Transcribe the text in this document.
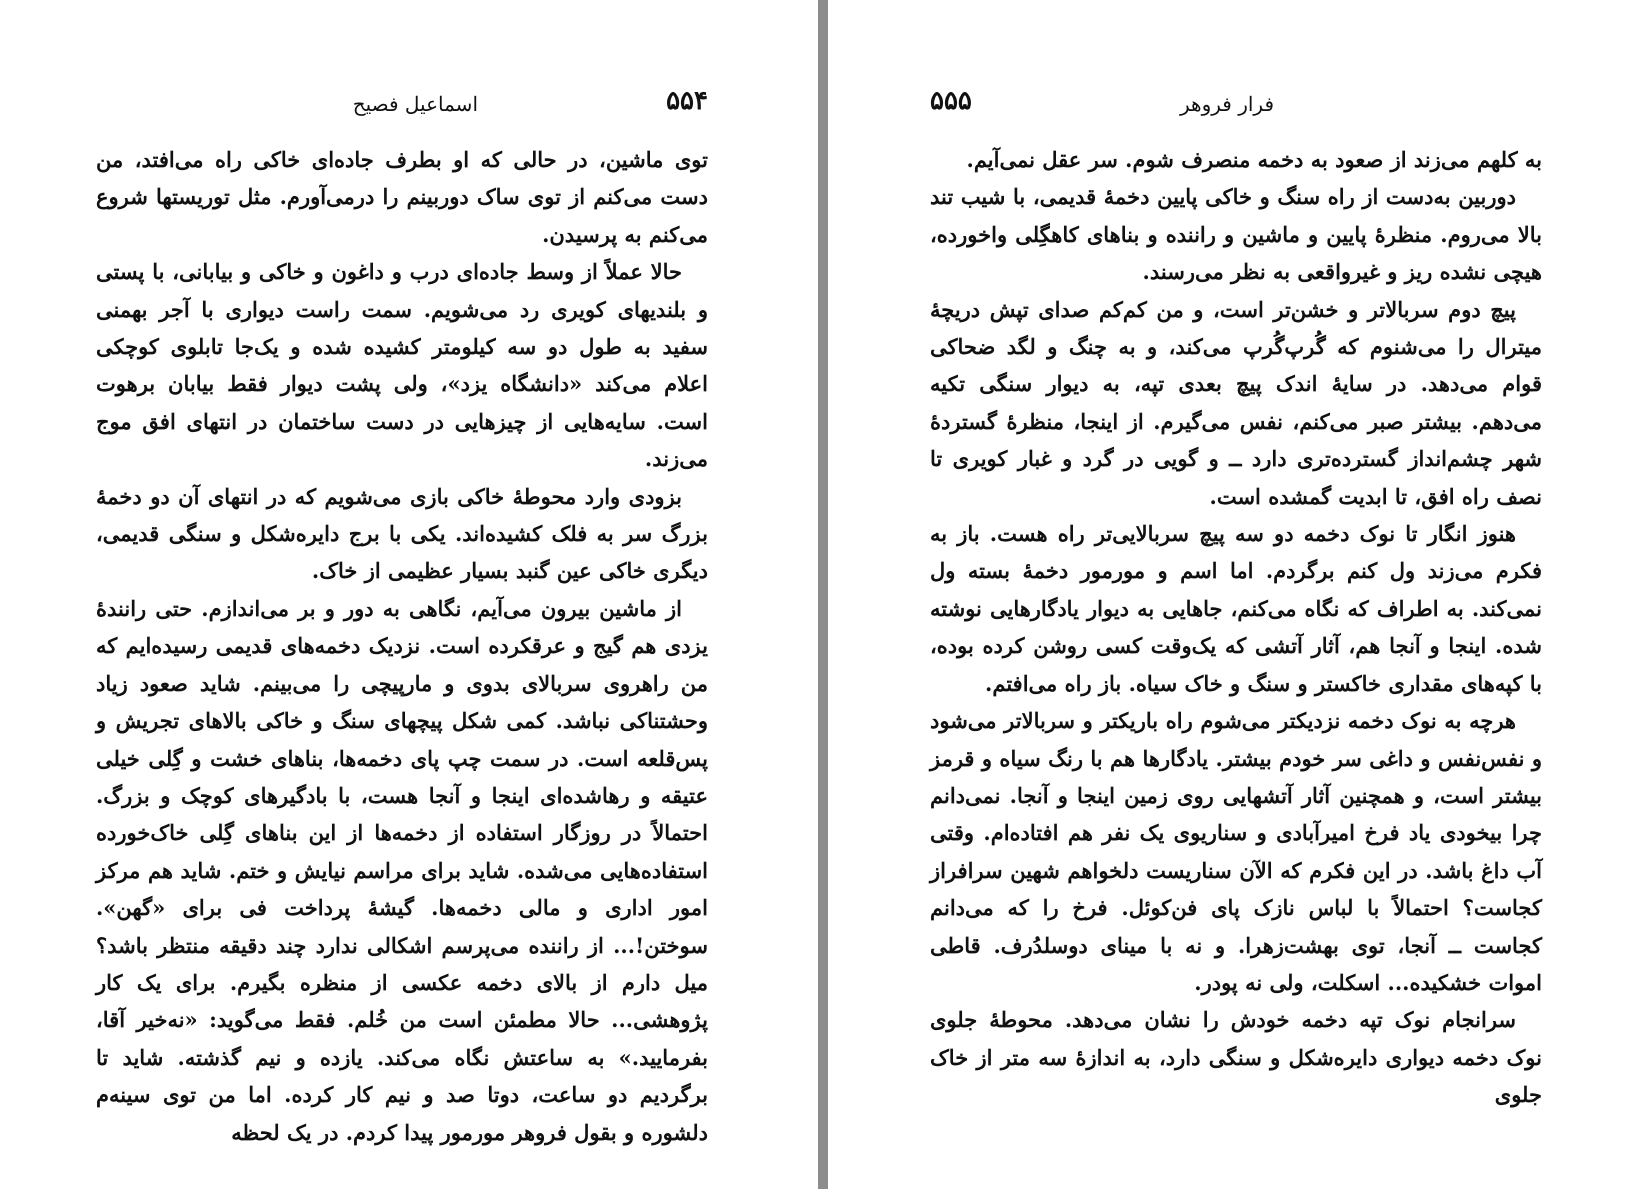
۵۵۴
اسماعیل فصیح

توی ماشین، در حالی که او بطرف جاده‌ای خاکی راه می‌افتد، من دست می‌کنم از توی ساک دوربینم را درمی‌آورم. مثل توریستها شروع می‌کنم به پرسیدن.

حالا عملاً از وسط جاده‌ای درب و داغون و خاکی و بیابانی، با پستی و بلندیهای کویری رد می‌شویم. سمت راست دیواری با آجر بهمنی سفید به طول دو سه کیلومتر کشیده شده و یک‌جا تابلوی کوچکی اعلام می‌کند «دانشگاه یزد»، ولی پشت دیوار فقط بیابان برهوت است. سایه‌هایی از چیزهایی در دست ساختمان در انتهای افق موج می‌زند.

بزودی وارد محوطهٔ خاکی بازی می‌شویم که در انتهای آن دو دخمهٔ بزرگ سر به فلک کشیده‌اند. یکی با برج دایره‌شکل و سنگی قدیمی، دیگری خاکی عین گنبد بسیار عظیمی از خاک.

از ماشین بیرون می‌آیم، نگاهی به دور و بر می‌اندازم. حتی رانندهٔ یزدی هم گیج و عرقکرده است. نزدیک دخمه‌های قدیمی رسیده‌ایم که من راهروی سربالای بدوی و مارپیچی را می‌بینم. شاید صعود زیاد وحشتناکی نباشد. کمی شکل پیچهای سنگ و خاکی بالاهای تجریش و پس‌قلعه است. در سمت چپ پای دخمه‌ها، بناهای خشت و گِلی خیلی عتیقه و رهاشده‌ای اینجا و آنجا هست، با بادگیرهای کوچک و بزرگ. احتمالاً در روزگار استفاده از دخمه‌ها از این بناهای گِلی خاک‌خورده استفاده‌هایی می‌شده. شاید برای مراسم نیایش و ختم. شاید هم مرکز امور اداری و مالی دخمه‌ها. گیشهٔ پرداخت فی برای «گهن». سوختن!... از راننده می‌پرسم اشکالی ندارد چند دقیقه منتظر باشد؟ میل دارم از بالای دخمه عکسی از منظره بگیرم. برای یک کار پژوهشی... حالا مطمئن است من خُلم. فقط می‌گوید: «نه‌خیر آقا، بفرمایید.» به ساعتش نگاه می‌کند. یازده و نیم گذشته. شاید تا برگردیم دو ساعت، دوتا صد و نیم کار کرده. اما من توی سینه‌م دلشوره و بقول فروهر مورمور پیدا کردم. در یک لحظه

۵۵۵	فرار فروهر

به کلهم می‌زند از صعود به دخمه منصرف شوم. سر عقل نمی‌آیم.

دوربین به‌دست از راه سنگ و خاکی پایین دخمهٔ قدیمی، با شیب تند بالا می‌روم. منظرهٔ پایین و ماشین و راننده و بناهای کاهگِلی واخورده، هیچی نشده ریز و غیرواقعی به نظر می‌رسند.

پیچ دوم سربالاتر و خشن‌تر است، و من کم‌کم صدای تپش دریچهٔ میترال را می‌شنوم که گُرپ‌گُرپ می‌کند، و به چنگ و لگد ضحاکی قوام می‌دهد. در سایهٔ اندک پیچ بعدی تپه، به دیوار سنگی تکیه می‌دهم. بیشتر صبر می‌کنم، نفس می‌گیرم. از اینجا، منظرهٔ گستردهٔ شهر چشم‌انداز گسترده‌تری دارد ــ و گویی در گرد و غبار کویری تا نصف راه افق، تا ابدیت گمشده است.

هنوز انگار تا نوک دخمه دو سه پیچ سربالایی‌تر راه هست. باز به فکرم می‌زند ول کنم برگردم. اما اسم و مورمور دخمهٔ بسته ول نمی‌کند. به اطراف که نگاه می‌کنم، جاهایی به دیوار یادگارهایی نوشته شده. اینجا و آنجا هم، آثار آتشی که یک‌وقت کسی روشن کرده بوده، با کپه‌های مقداری خاکستر و سنگ و خاک سیاه. باز راه می‌افتم.

هرچه به نوک دخمه نزدیکتر می‌شوم راه باریکتر و سربالاتر می‌شود و نفس‌نفس و داغی سر خودم بیشتر. یادگارها هم با رنگ سیاه و قرمز بیشتر است، و همچنین آثار آتشهایی روی زمین اینجا و آنجا. نمی‌دانم چرا بیخودی یاد فرخ امیرآبادی و سناریوی یک نفر هم افتاده‌ام. وقتی آب داغ باشد. در این فکرم که الآن سناریست دلخواهم شهین سرافراز کجاست؟ احتمالاً با لباس نازک پای فن‌کوئل. فرخ را که می‌دانم کجاست ــ آنجا، توی بهشت‌زهرا. و نه با مینای دوسلدُرف. قاطی اموات خشکیده... اسکلت، ولی نه پودر.

سرانجام نوک تپه دخمه خودش را نشان می‌دهد. محوطهٔ جلوی نوک دخمه دیواری دایره‌شکل و سنگی دارد، به اندازهٔ سه متر از خاک جلوی
